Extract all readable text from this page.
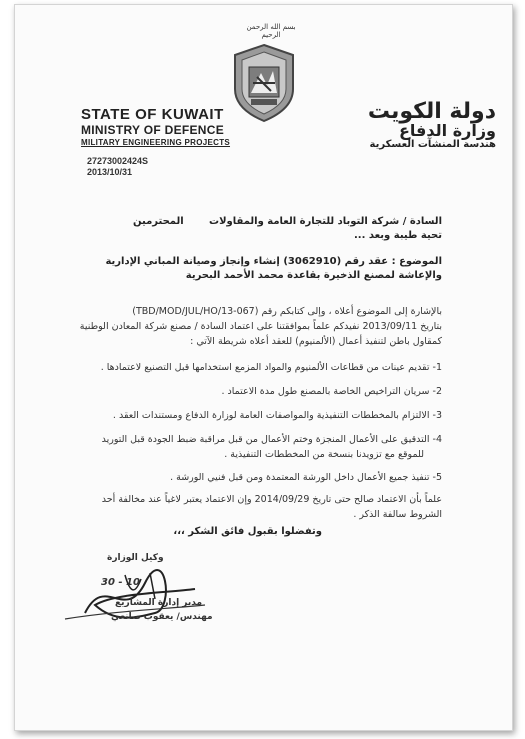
بسم الله الرحمن الرحيم
STATE OF KUWAIT
MINISTRY OF DEFENCE
MILITARY ENGINEERING PROJECTS
27273002424S
2013/10/31
دولة الكويت
وزارة الدفاع
هندسة المنشآت العسكرية
السادة / شركة التوباد للتجارة العامة والمقاولات
المحترمين
تحية طيبة وبعد ...
الموضوع : عقد رقم (3062910) إنشاء وإنجاز وصيانة المباني الإدارية
والإعاشة لمصنع الذخيرة بقاعدة محمد الأحمد البحرية
بالإشارة إلى الموضوع أعلاه ، وإلى كتابكم رقم (TBD/MOD/JUL/HO/13-067)
بتاريخ 2013/09/11 نفيدكم علماً بموافقتنا على اعتماد السادة / مصنع شركة المعادن الوطنية
كمقاول باطن لتنفيذ أعمال (الألمنيوم) للعقد أعلاه شريطة الآتي :
1- تقديم عينات من قطاعات الألمنيوم والمواد المزمع استخدامها قبل التصنيع لاعتمادها .
2- سريان التراخيص الخاصة بالمصنع طول مدة الاعتماد .
3- الالتزام بالمخططات التنفيذية والمواصفات العامة لوزارة الدفاع ومستندات العقد .
4- التدقيق على الأعمال المنجزة وختم الأعمال من قبل مراقبة ضبط الجودة قبل التوريد
للموقع مع تزويدنا بنسخة من المخططات التنفيذية .
5- تنفيذ جميع الأعمال داخل الورشة المعتمدة ومن قبل فنيي الورشة .
علماً بأن الاعتماد صالح حتى تاريخ 2014/09/29 وإن الاعتماد يعتبر لاغياً عند مخالفة أحد
الشروط سالفة الذكر .
وتفضلوا بقبول فائق الشكر ،،،
وكيل الوزارة
10 - 30
مدير إدارة المشاريع
مهندس/ يعقوب صانعي
